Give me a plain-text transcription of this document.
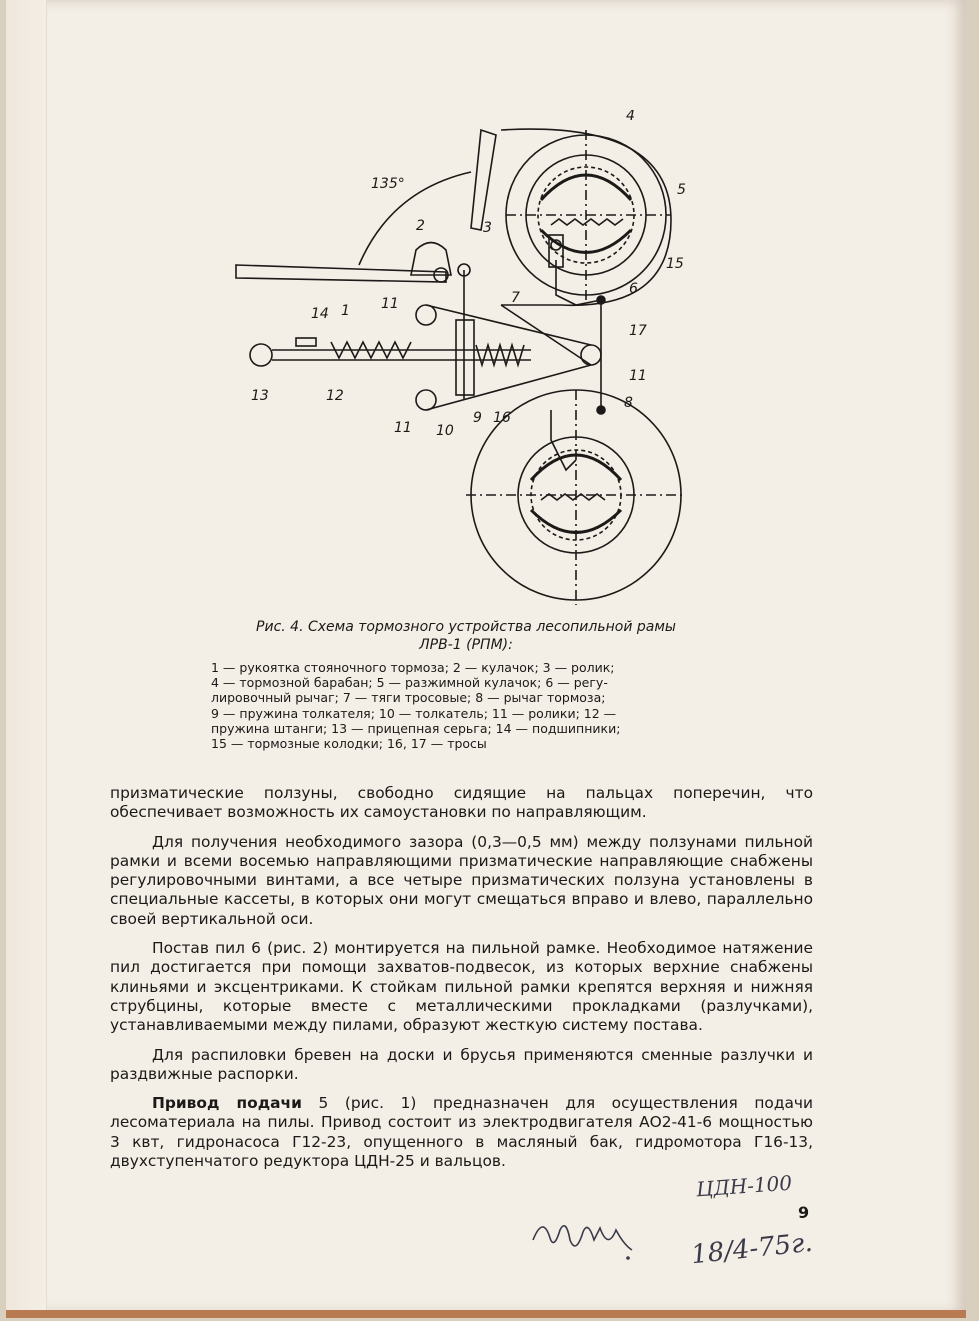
135°
1
2	3
4
5
6
7
8
9
10
11
11
11
12
13
14
15
16
17
Рис. 4. Схема тормозного устройства лесопильной рамы
ЛРВ-1 (РПМ):
1 — рукоятка стояночного тормоза; 2 — кулачок; 3 — ролик;
4 — тормозной барабан; 5 — разжимной кулачок; 6 — регу-
лировочный рычаг; 7 — тяги тросовые; 8 — рычаг тормоза;
9 — пружина толкателя; 10 — толкатель; 11 — ролики; 12 —
пружина штанги; 13 — прицепная серьга; 14 — подшипники;
15 — тормозные колодки; 16, 17 — тросы

призматические ползуны, свободно сидящие на пальцах поперечин, что обеспечивает возможность их самоустановки по направляющим.

Для получения необходимого зазора (0,3—0,5 мм) между ползунами пильной рамки и всеми восемью направляющими призматические направляющие снабжены регулировочными винтами, а все четыре призматических ползуна установлены в специальные кассеты, в которых они могут смещаться вправо и влево, параллельно своей вертикальной оси.

Постав пил 6 (рис. 2) монтируется на пильной рамке. Необходимое натяжение пил достигается при помощи захватов-подвесок, из которых верхние снабжены клиньями и эксцентриками. К стойкам пильной рамки крепятся верхняя и нижняя струбцины, которые вместе с металлическими прокладками (разлучками), устанавливаемыми между пилами, образуют жесткую систему постава.

Для распиловки бревен на доски и брусья применяются сменные разлучки и раздвижные распорки.

Привод подачи 5 (рис. 1) предназначен для осуществления подачи лесоматериала на пилы. Привод состоит из электродвигателя АО2-41-6 мощностью 3 квт, гидронасоса Г12-23, опущенного в масляный бак, гидромотора Г16-13, двухступенчатого редуктора ЦДН-25 и вальцов.

9
ЦДН-100
18/4-75г.
